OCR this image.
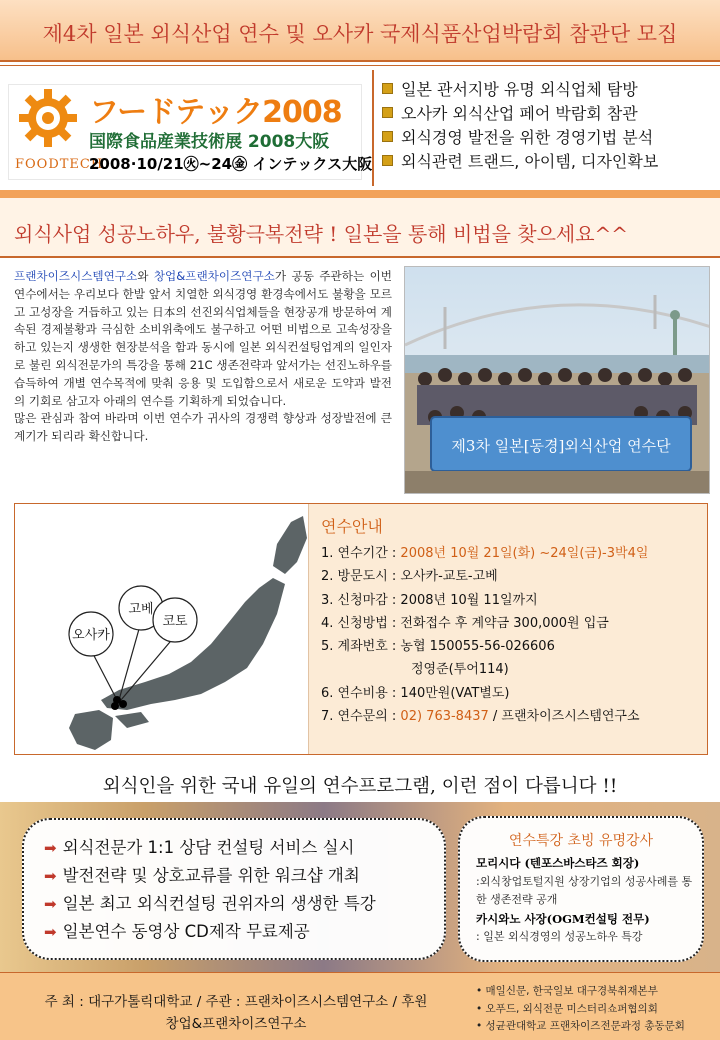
제4차 일본 외식산업 연수 및 오사카 국제식품산업박람회 참관단 모집
FOODTECH
フードテック2008
国際食品産業技術展 2008大阪
2008·10/21㊋~24㊎ インテックス大阪
일본 관서지방 유명 외식업체 탐방
오사카 외식산업 페어 박람회 참관
외식경영 발전을 위한 경영기법 분석
외식관련 트랜드, 아이템, 디자인확보
외식사업 성공노하우, 불황극복전략 ! 일본을 통해 비법을 찾으세요^^

프랜차이즈시스템연구소와 창업&프랜차이즈연구소가 공동 주관하는 이번 연수에서는 우리보다 한발 앞서 치열한 외식경영 환경속에서도 불황을 모르고 고성장을 거듭하고 있는 日本의 선진외식업체들을 현장공개 방문하여 계속된 경제불황과 극심한 소비위축에도 불구하고 어떤 비법으로 고속성장을 하고 있는지 생생한 현장분석을 함과 동시에 일본 외식컨설팅업계의 일인자로 불린 외식전문가의 특강을 통해 21C 생존전략과 앞서가는 선진노하우를 습득하여 개별 연수목적에 맞춰 응용 및 도입함으로서 새로운 도약과 발전의 기회로 삼고자 아래의 연수를 기획하게 되었습니다.
많은 관심과 참여 바라며 이번 연수가 귀사의 경쟁력 향상과 성장발전에 큰 계기가 되리라 확신합니다.

제3차 일본[동경]외식산업 연수단
고베
코토
오사카
연수안내
1. 연수기간 : 2008년 10월 21일(화) ~24일(금)-3박4일
2. 방문도시 : 오사카-교토-고베
3. 신청마감 : 2008년 10월 11일까지
4. 신청방법 : 전화접수 후 계약금 300,000원 입금
5. 계좌번호 : 농협 150055-56-026606
정영준(투어114)
6. 연수비용 : 140만원(VAT별도)
7. 연수문의 : 02) 763-8437 / 프랜차이즈시스템연구소
외식인을 위한 국내 유일의 연수프로그램, 이런 점이 다릅니다 !!
➡ 외식전문가 1:1 상담 컨설팅 서비스 실시
➡ 발전전략 및 상호교류를 위한 워크샵 개최
➡ 일본 최고 외식컨설팅 권위자의 생생한 특강
➡ 일본연수 동영상 CD제작 무료제공
연수특강 초빙 유명강사
모리시다 (텐포스바스타즈 회장)
:외식창업토털지원 상장기업의 성공사례를 통한 생존전략 공개
카시와노 사장(OGM컨설팅 전무)
: 일본 외식경영의 성공노하우 특강
주 최 : 대구가톨릭대학교 / 주관 : 프랜차이즈시스템연구소 / 후원
창업&프랜차이즈연구소
• 매일신문, 한국일보 대구경북취재본부
• 오푸드, 외식전문 미스터리쇼퍼협의회
• 성균관대학교 프랜차이즈전문과정 총동문회
